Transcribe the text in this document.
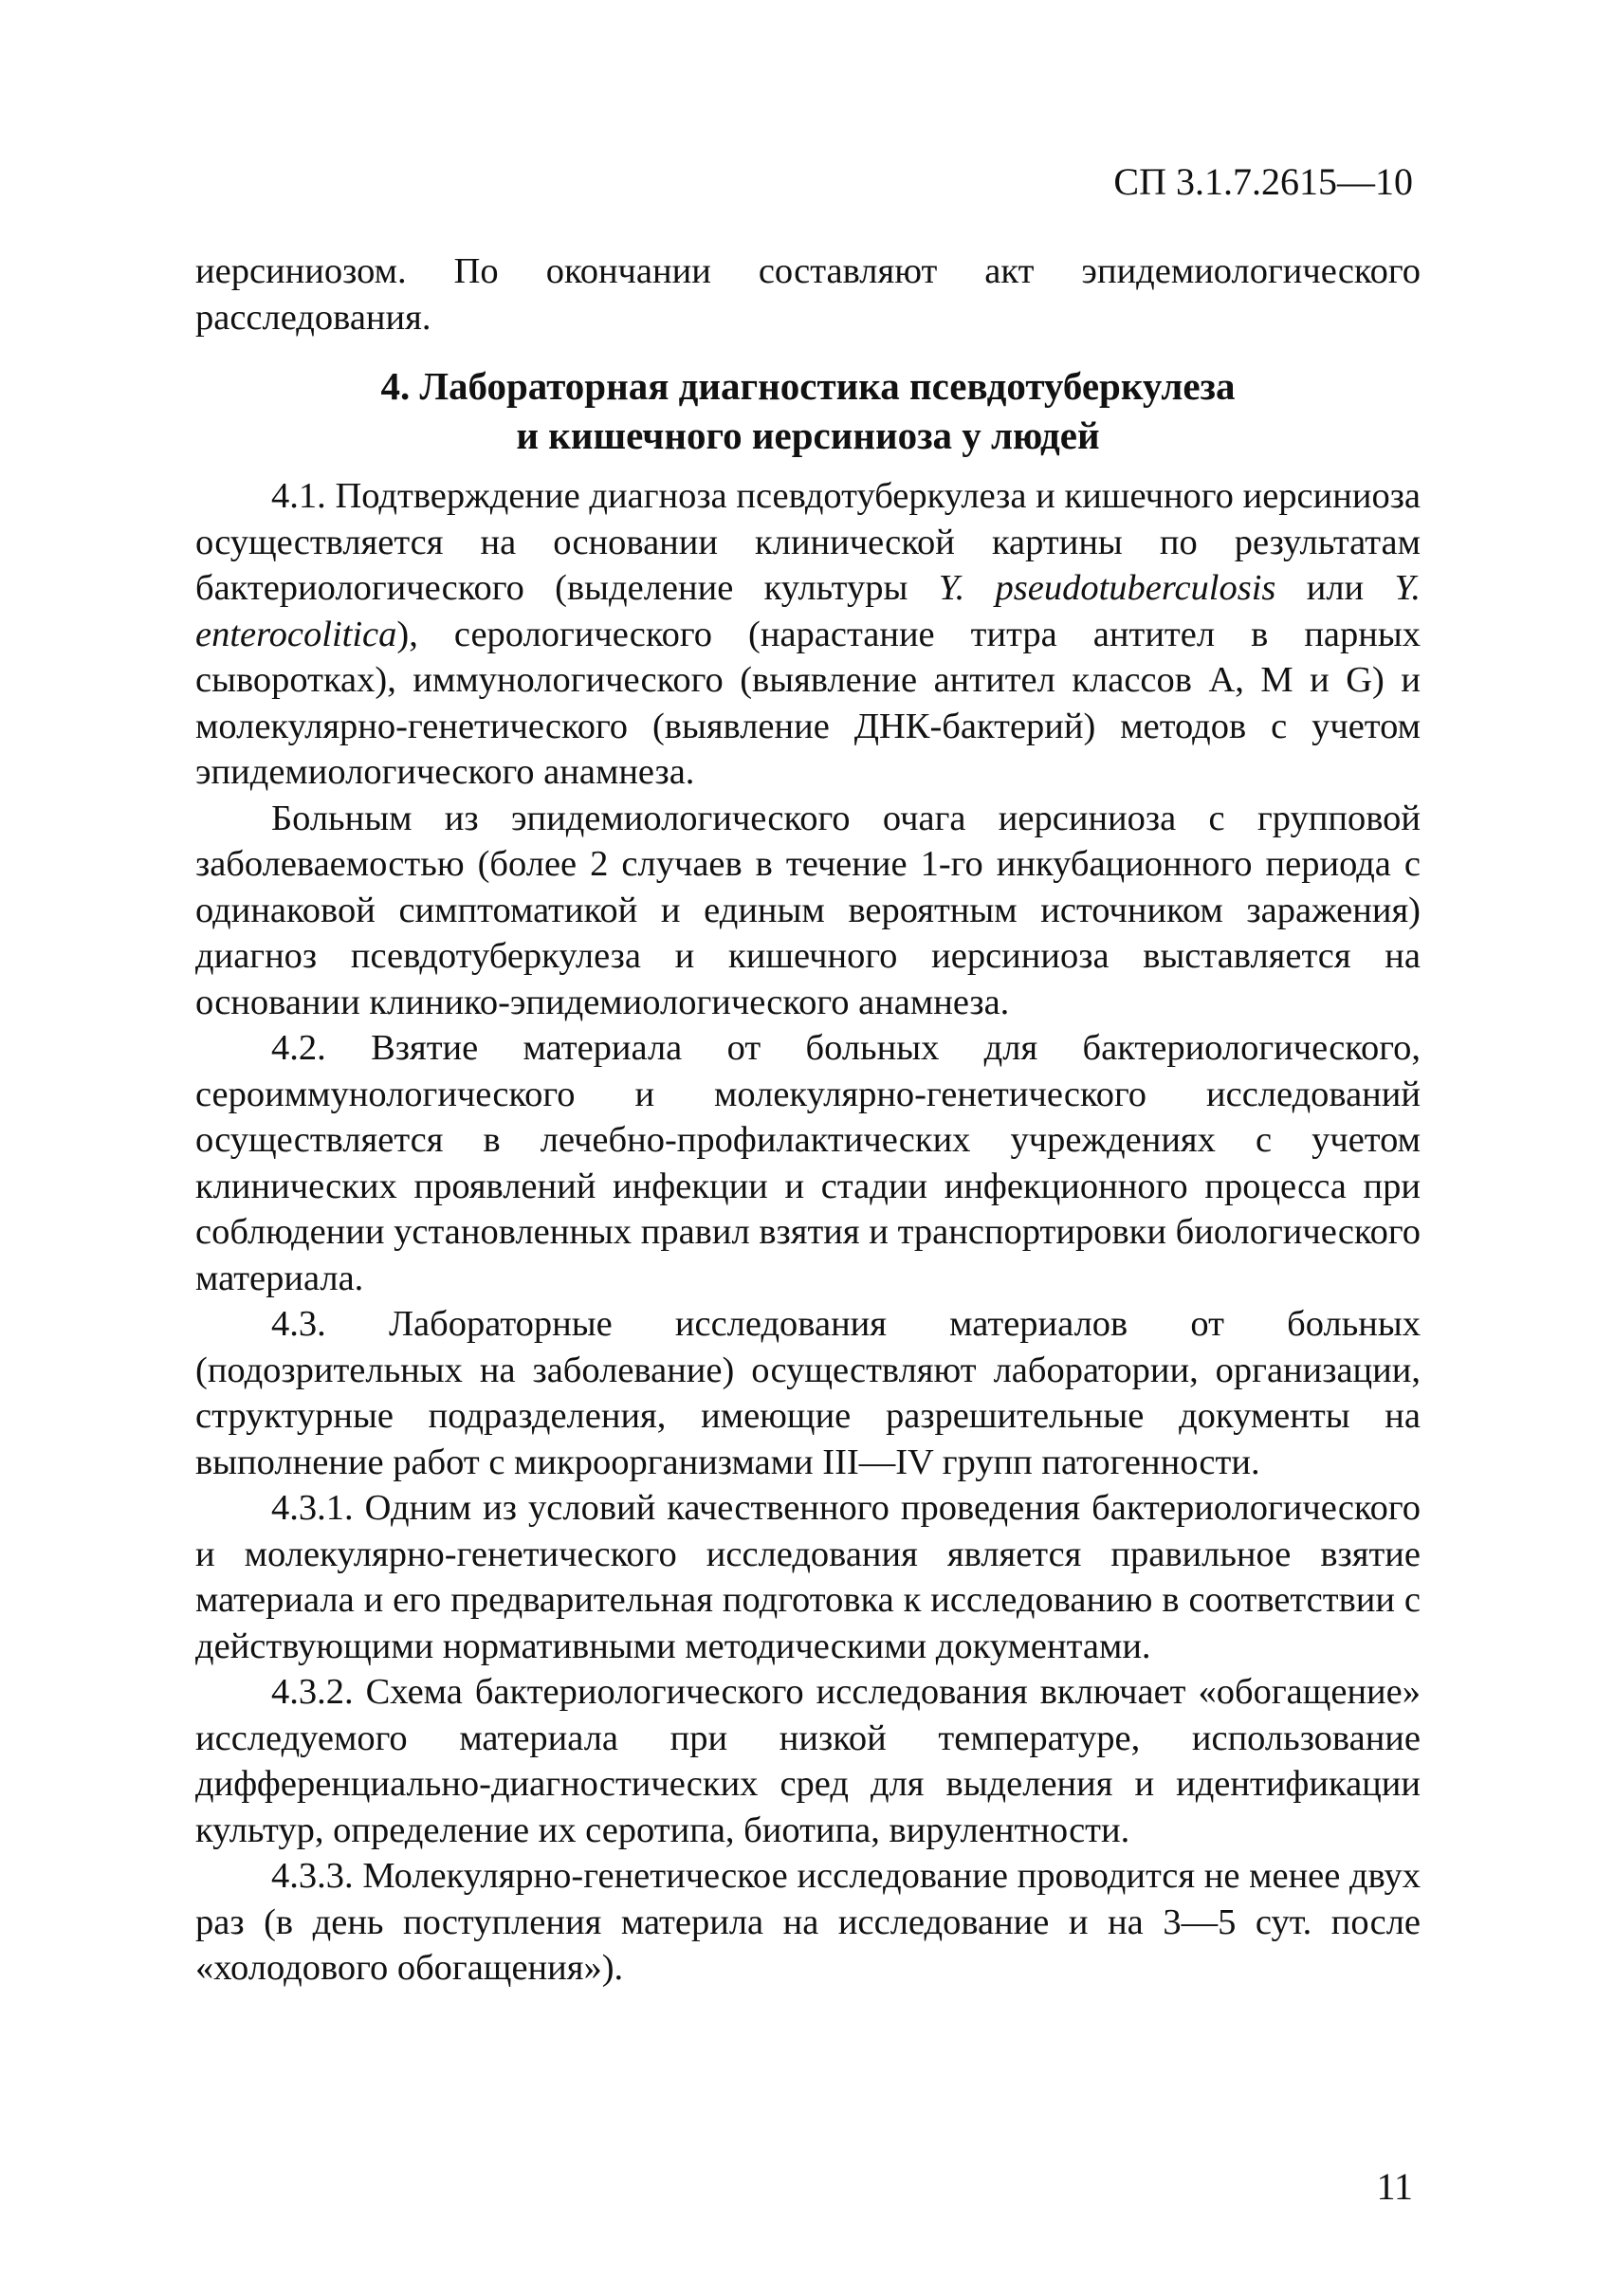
СП 3.1.7.2615—10

иерсиниозом. По окончании составляют акт эпидемиологического расследования.

4. Лабораторная диагностика псевдотуберкулеза
и кишечного иерсиниоза у людей

4.1. Подтверждение диагноза псевдотуберкулеза и кишечного иерсиниоза осуществляется на основании клинической картины по результатам бактериологического (выделение культуры Y. pseudotuberculosis или Y. enterocolitica), серологического (нарастание титра антител в парных сыворотках), иммунологического (выявление антител классов А, М и G) и молекулярно-генетического (выявление ДНК-бактерий) методов с учетом эпидемиологического анамнеза.

Больным из эпидемиологического очага иерсиниоза с групповой заболеваемостью (более 2 случаев в течение 1-го инкубационного периода с одинаковой симптоматикой и единым вероятным источником заражения) диагноз псевдотуберкулеза и кишечного иерсиниоза выставляется на основании клинико-эпидемиологического анамнеза.

4.2. Взятие материала от больных для бактериологического, сероиммунологического и молекулярно-генетического исследований осуществляется в лечебно-профилактических учреждениях с учетом клинических проявлений инфекции и стадии инфекционного процесса при соблюдении установленных правил взятия и транспортировки биологического материала.

4.3. Лабораторные исследования материалов от больных (подозрительных на заболевание) осуществляют лаборатории, организации, структурные подразделения, имеющие разрешительные документы на выполнение работ с микроорганизмами III—IV групп патогенности.

4.3.1. Одним из условий качественного проведения бактериологического и молекулярно-генетического исследования является правильное взятие материала и его предварительная подготовка к исследованию в соответствии с действующими нормативными методическими документами.

4.3.2. Схема бактериологического исследования включает «обогащение» исследуемого материала при низкой температуре, использование дифференциально-диагностических сред для выделения и идентификации культур, определение их серотипа, биотипа, вирулентности.

4.3.3. Молекулярно-генетическое исследование проводится не менее двух раз (в день поступления материла на исследование и на 3—5 сут. после «холодового обогащения»).

11
